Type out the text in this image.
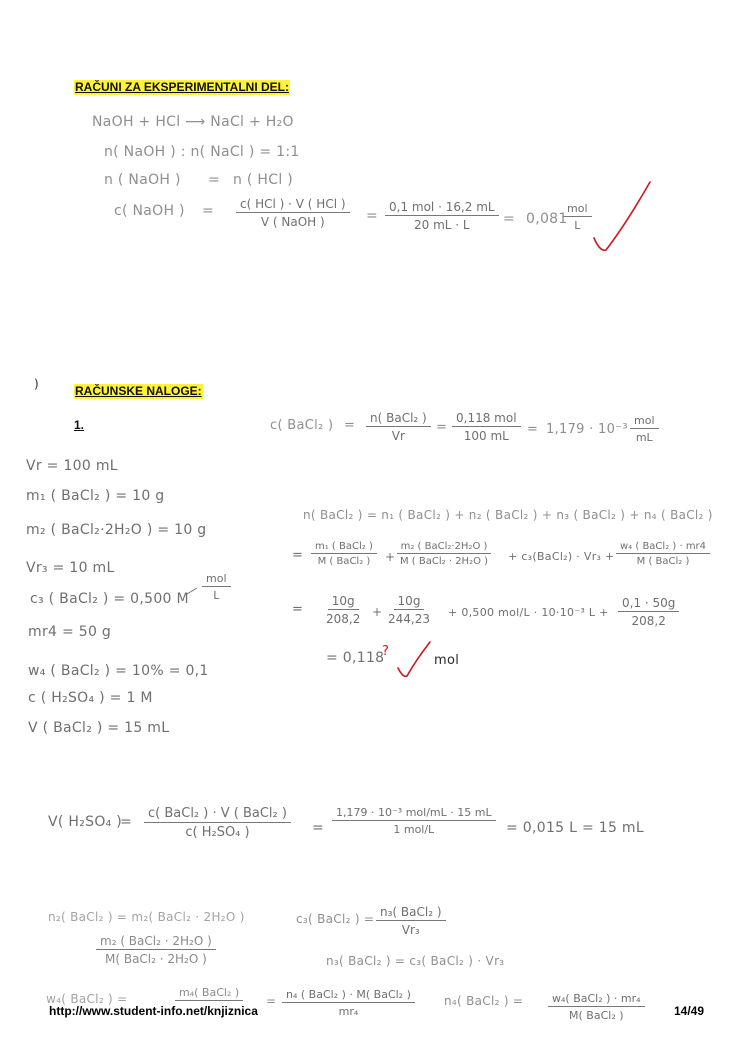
RAČUNI ZA EKSPERIMENTALNI DEL:
NaOH + HCl ⟶ NaCl + H₂O
n( NaOH ) : n( NaCl ) = 1:1
n ( NaOH ) = n ( HCl )
c( NaOH ) =	c( HCl ) · V ( HCl )
V ( NaOH )	=
0,1 mol · 16,2 mL
20 mL · L = 0,081
mol
L
)	RAČUNSKE NALOGE:
1.	c( BaCl₂ ) =	n( BaCl₂ )
Vr
=
0,118 mol
100 mL	= 1,179 · 10⁻³
mol
mL
Vr = 100 mL
m₁ ( BaCl₂ ) = 10 g
m₂ ( BaCl₂·2H₂O ) = 10 g
Vr₃ = 10 mL
c₃ ( BaCl₂ ) = 0,500 M
mol
L
mr4 = 50 g
w₄ ( BaCl₂ ) = 10% = 0,1
c ( H₂SO₄ ) = 1 M
V ( BaCl₂ ) = 15 mL
n( BaCl₂ ) = n₁ ( BaCl₂ ) + n₂ ( BaCl₂ ) + n₃ ( BaCl₂ ) + n₄ ( BaCl₂ )
=
m₁ ( BaCl₂ )
M ( BaCl₂ )	+
m₂ ( BaCl₂·2H₂O )
M ( BaCl₂ · 2H₂O )	+ c₃(BaCl₂) · Vr₃ +
w₄ ( BaCl₂ ) · mr4
M ( BaCl₂ )
= $\frac{10g}{208,2} + \frac{10g}{244,23} + 0,500$ mol/L · 10·10⁻³ $L + \frac{0,1 \cdot 50g}{208,2}$
= 0,118
?
mol
V( H₂SO₄ )
=
c( BaCl₂ ) · V ( BaCl₂ )
c( H₂SO₄ )	=
1,179 · 10⁻³ mol/mL · 15 mL
1 mol/L	= 0,015 L = 15 mL
n₂( BaCl₂ ) = m₂( BaCl₂ · 2H₂O )
m₂ ( BaCl₂ · 2H₂O )
M( BaCl₂ · 2H₂O )
c₃( BaCl₂ ) = n₃( BaCl₂ )
Vr₃
n₃( BaCl₂ ) = c₃( BaCl₂ ) · Vr₃
w₄( BaCl₂ ) =	m₄( BaCl₂ )
= n₄ ( BaCl₂ ) · M( BaCl₂ )
mr₄
n₄( BaCl₂ ) =	w₄( BaCl₂ ) · mr₄
M( BaCl₂ )
http://www.student-info.net/knjiznica	14/49
